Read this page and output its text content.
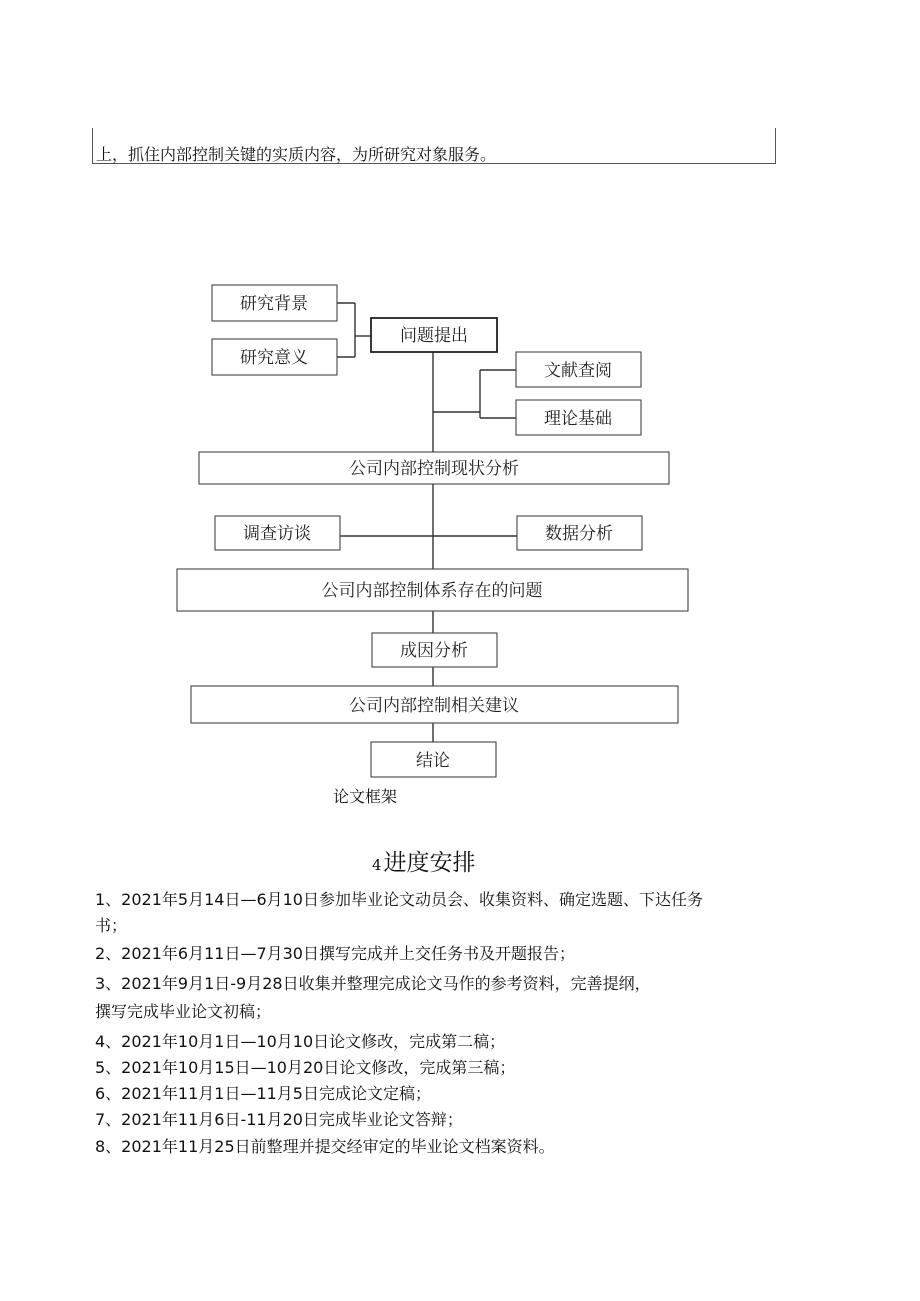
上，抓住内部控制关键的实质内容，为所研究对象服务。
研究背景
研究意义
问题提出
文献查阅
理论基础
公司内部控制现状分析
调查访谈	数据分析
公司内部控制体系存在的问题
成因分析
公司内部控制相关建议
结论
论文框架
4进度安排
1、2021年5月14日—6月10日参加毕业论文动员会、收集资料、确定选题、下达任务
书；
2、2021年6月11日—7月30日撰写完成并上交任务书及开题报告；
3、2021年9月1日-9月28日收集并整理完成论文马作的参考资料，完善提纲，
撰写完成毕业论文初稿；
4、2021年10月1日—10月10日论文修改，完成第二稿；
5、2021年10月15日—10月20日论文修改，完成第三稿；
6、2021年11月1日—11月5日完成论文定稿；
7、2021年11月6日-11月20日完成毕业论文答辩；
8、2021年11月25日前整理并提交经审定的毕业论文档案资料。
